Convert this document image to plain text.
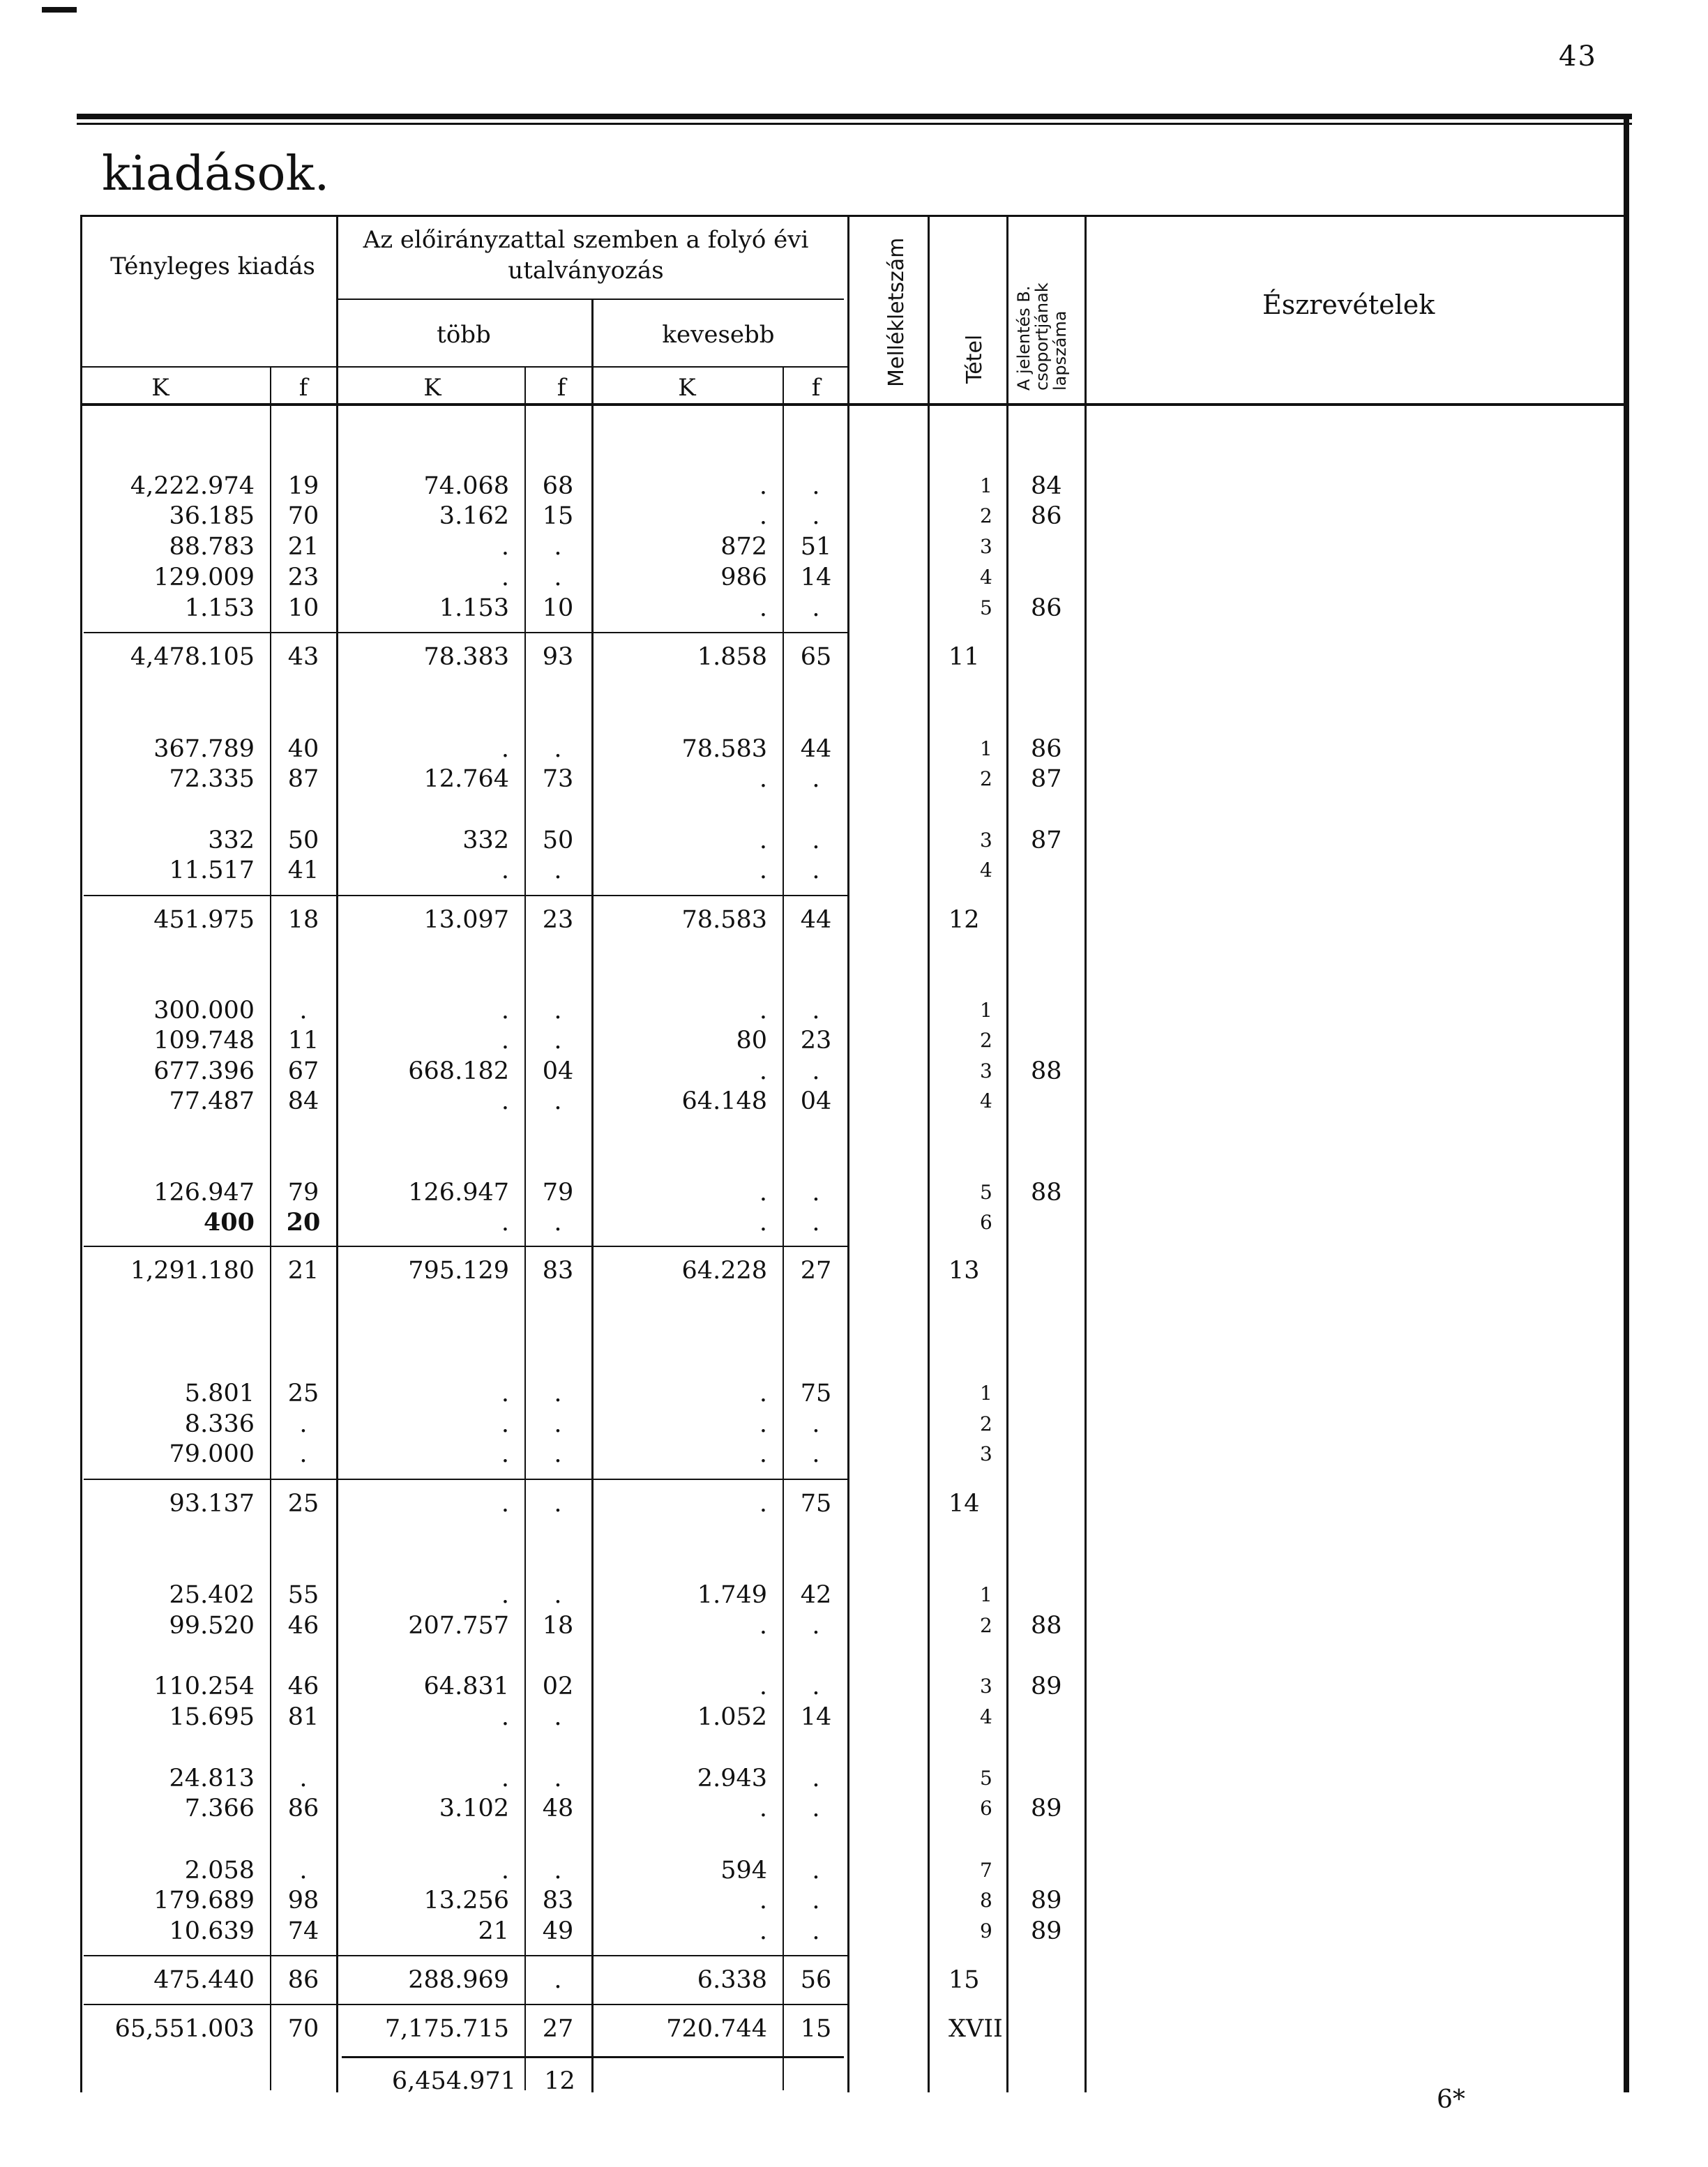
43
kiadások.
Tényleges kiadás
Az előirányzattal szemben a folyó évi utalványozás
több	kevesebb
K	f	K	f	K	f
Mellékletszám	Tétel A jelentés B. csoportjának lapszáma
Észrevételek
4,222.974	19	74.068	68	.	.	1 84
36.185	70	3.162	15	.	.	2 86
88.783	21	.	.	872	51	3
129.009	23	.	.	986	14	4
1.153	10	1.153	10	.	.	5 86
4,478.105	43	78.383	93	1.858	65	11
367.789	40	.	.	78.583	44	1 86
72.335	87	12.764	73	.	.	2 87
332	50	332	50	.	.	3 87
11.517	41	.	.	.	.	4
451.975	18	13.097	23	78.583	44	12
300.000	.	.	.	.	.	1
109.748	11	.	.	80	23	2
677.396	67	668.182	04	.	.	3 88
77.487	84	.	.	64.148	04	4
126.947	79	126.947	79	.	.	5 88
400	20	.	.	.	.	6
1,291.180	21	795.129	83	64.228	27	13
5.801	25	.	.	.	75	1
8.336	.	.	.	.	.	2
79.000	.	.	.	.	.	3
93.137	25	.	.	.	75	14
25.402	55	.	.	1.749	42	1
99.520	46	207.757	18	.	.	2 88
110.254	46	64.831	02	.	.	3 89
15.695	81	.	.	1.052	14	4
24.813	.	.	.	2.943	.	5
7.366	86	3.102	48	.	.	6 89
2.058	.	.	.	594	.	7
179.689	98	13.256	83	.	.	8 89
10.639	74	21	49	.	.	9 89
475.440	86	288.969	.	6.338	56	15
65,551.003	70	7,175.715	27	720.744	15	XVII
6,454.971	12
6*
